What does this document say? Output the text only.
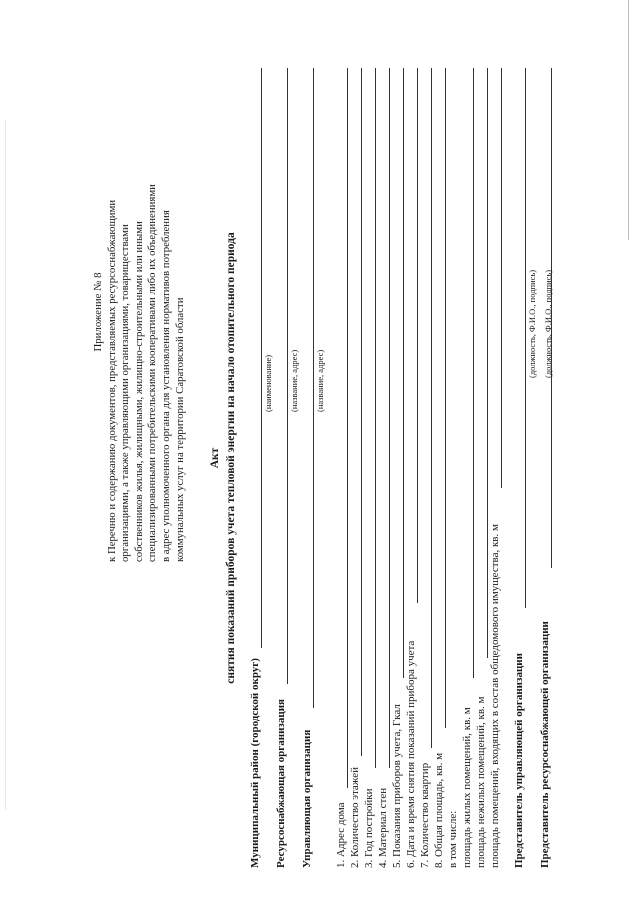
Приложение № 8 к Перечню и содержанию документов, представляемых ресурсоснабжающими организациями, а также управляющими организациями, товариществами собственников жилья, жилищными, жилищно-строительными или иными специализированными потребительскими кооперативами либо их объединениями в адрес уполномоченного органа для установления нормативов потребления коммунальных услуг на территории Саратовской области Акт снятия показаний приборов учета тепловой энергии на начало отопительного периода
Муниципальный район (городской округ)
(наименование)
Ресурсоснабжающая организация
(название, адрес)
Управляющая организация
(название, адрес)
1. Адрес дома 2. Количество этажей 3. Год постройки 4. Материал стен 5. Показания приборов учета, Гкал 6. Дата и время снятия показаний прибора учета 7. Количество квартир 8. Общая площадь, кв. м в том числе: площадь жилых помещений, кв. м площадь нежилых помещений, кв. м площадь помещений, входящих в состав общедомового имущества, кв. м Представитель управляющей организации
(должность, Ф.И.О., подпись)
Представитель ресурсоснабжающей организации
(должность, Ф.И.О., подпись)
